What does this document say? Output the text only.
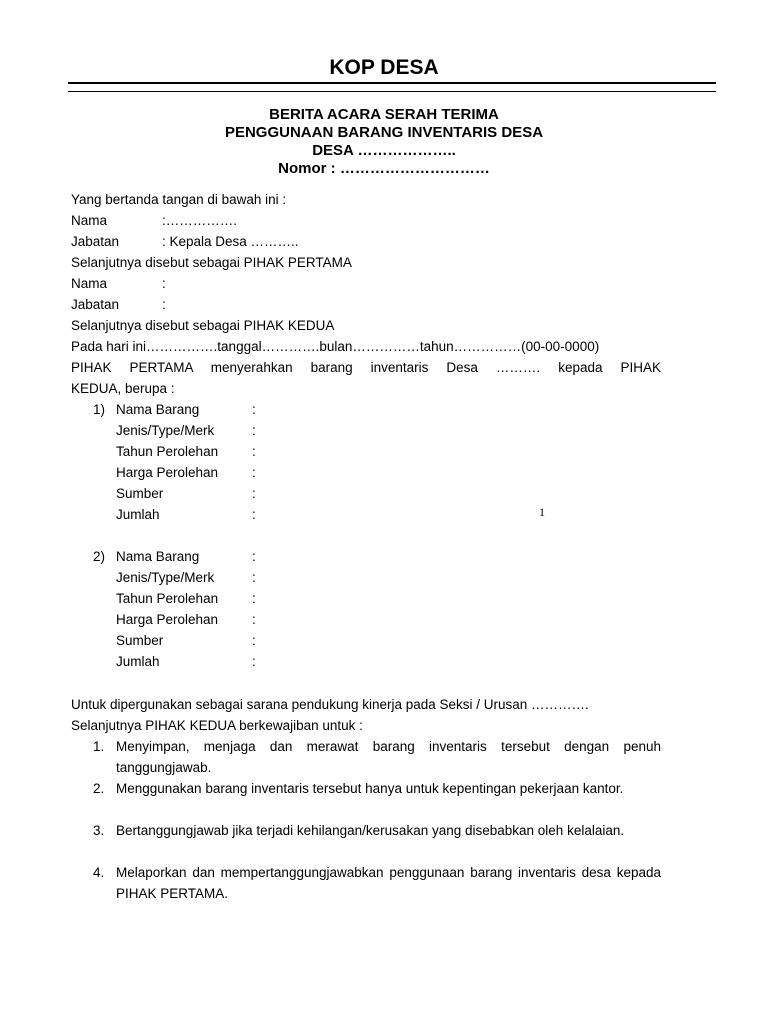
KOP DESA
BERITA ACARA SERAH TERIMA
PENGGUNAAN BARANG INVENTARIS DESA
DESA ………………..
Nomor : …………………………
Yang bertanda tangan di bawah ini :
Nama	:…………….
Jabatan	: Kepala Desa ………..
Selanjutnya disebut sebagai PIHAK PERTAMA
Nama	:
Jabatan	:
Selanjutnya disebut sebagai PIHAK KEDUA
Pada hari ini…………….tanggal………….bulan……………tahun……………(00-00-0000)
PIHAK PERTAMA menyerahkan barang inventaris Desa ………. kepada PIHAK
KEDUA, berupa :
1) Nama Barang	:
Jenis/Type/Merk	:
Tahun Perolehan	:
Harga Perolehan	:
Sumber	:
Jumlah	:	1
2) Nama Barang	:
Jenis/Type/Merk	:
Tahun Perolehan	:
Harga Perolehan	:
Sumber	:
Jumlah	:
Untuk dipergunakan sebagai sarana pendukung kinerja pada Seksi / Urusan ………….
Selanjutnya PIHAK KEDUA berkewajiban untuk :
1. Menyimpan, menjaga dan merawat barang inventaris tersebut dengan penuh tanggungjawab.
2. Menggunakan barang inventaris tersebut hanya untuk kepentingan pekerjaan kantor.
3. Bertanggungjawab jika terjadi kehilangan/kerusakan yang disebabkan oleh kelalaian.
4. Melaporkan dan mempertanggungjawabkan penggunaan barang inventaris desa kepada PIHAK PERTAMA.
